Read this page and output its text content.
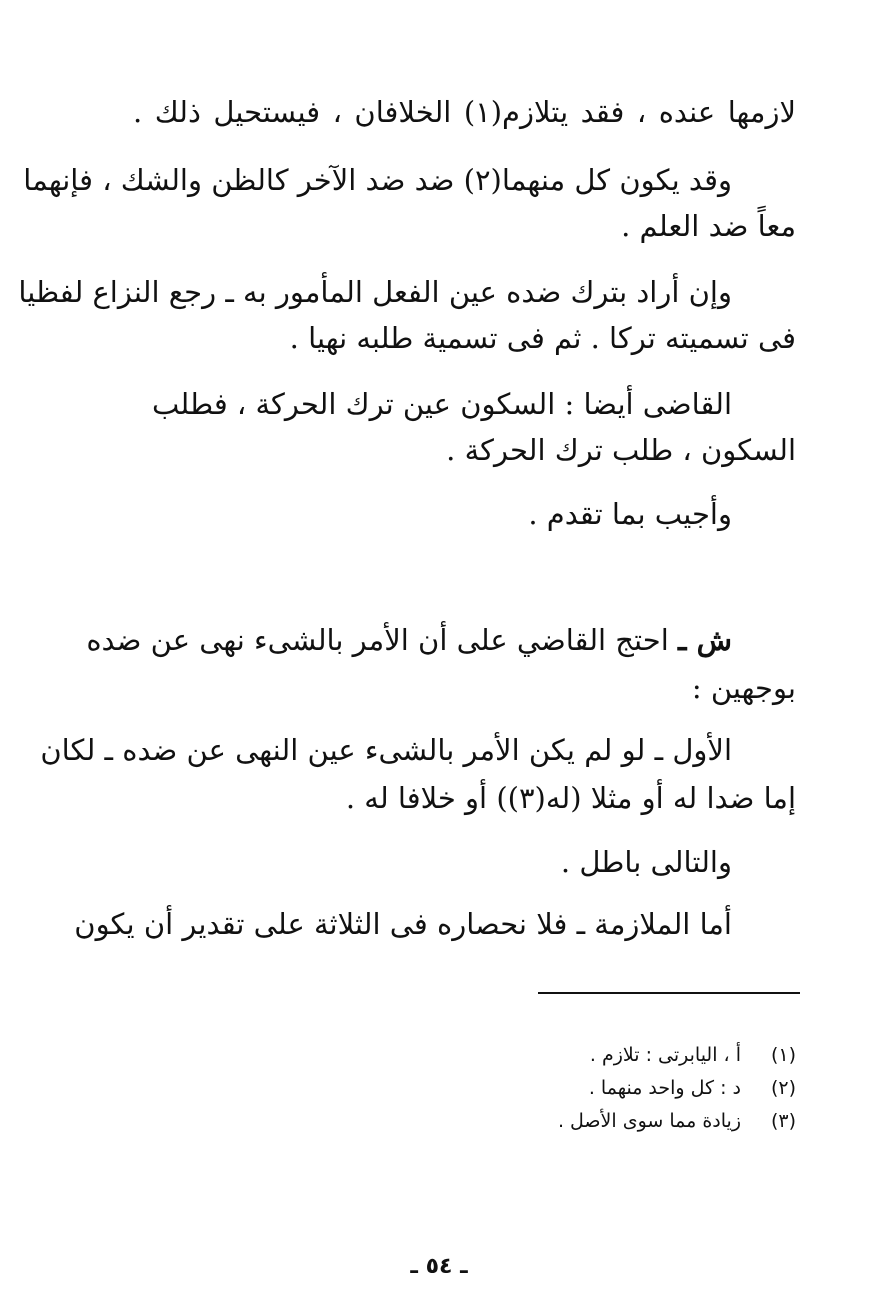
لازمها عنده ، فقد يتلازم(١) الخلافان ، فيستحيل ذلك .

وقد يكون كل منهما(٢) ضد ضد الآخر كالظن والشك ، فإنهما

معاً ضد العلم .

وإن أراد بترك ضده عين الفعل المأمور به ـ رجع النزاع لفظيا

فى تسميته تركا . ثم فى تسمية طلبه نهيا .

القاضى أيضا : السكون عين ترك الحركة ، فطلب

السكون ، طلب ترك الحركة .

وأجيب بما تقدم .

ش ـ احتج القاضي على أن الأمر بالشىء نهى عن ضده

بوجهين :

الأول ـ لو لم يكن الأمر بالشىء عين النهى عن ضده ـ لكان

إما ضدا له أو مثلا (له(٣)) أو خلافا له .

والتالى باطل .

أما الملازمة ـ فلا نحصاره فى الثلاثة على تقدير أن يكون

(١)أ ، اليابرتى : تلازم .
(٢)د : كل واحد منهما .
(٣)زيادة مما سوى الأصل .
ـ ٥٤ ـ
